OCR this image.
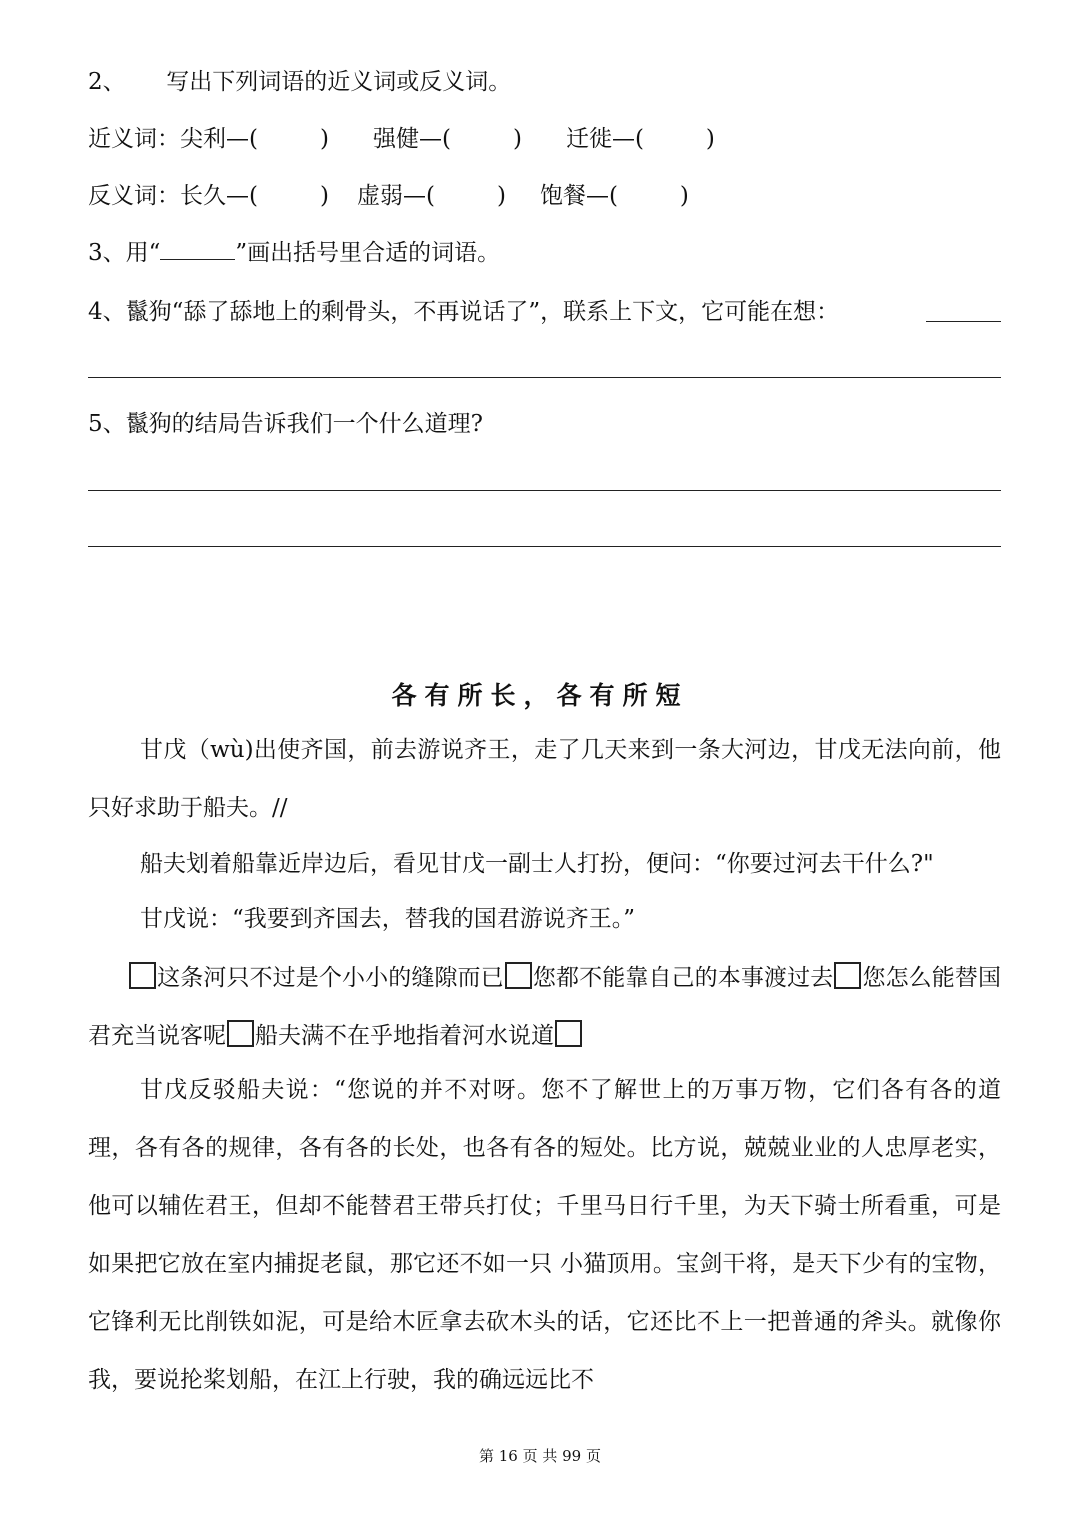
2、 写出下列词语的近义词或反义词。
近义词：尖利—(	) 强健—(	) 迁徙—(	)
反义词：长久—(	) 虚弱—(	) 饱餐—(	)
3、用“	”画出括号里合适的词语。
4、鬣狗“舔了舔地上的剩骨头，不再说话了”，联系上下文，它可能在想：
5、鬣狗的结局告诉我们一个什么道理?
各有所长，各有所短

甘戊（wù)出使齐国，前去游说齐王，走了几天来到一条大河边，甘戊无法向前，他只好求助于船夫。//

船夫划着船靠近岸边后，看见甘戊一副士人打扮，便问：“你要过河去干什么?"

甘戊说：“我要到齐国去，替我的国君游说齐王。”

这条河只不过是个小小的缝隙而已 您都不能靠自己的本事渡过去 您怎么能替国君充当说客呢 船夫满不在乎地指着河水说道

甘戊反驳船夫说：“您说的并不对呀。您不了解世上的万事万物，它们各有各的道理，各有各的规律，各有各的长处，也各有各的短处。比方说，兢兢业业的人忠厚老实，他可以辅佐君王，但却不能替君王带兵打仗；千里马日行千里，为天下骑士所看重，可是如果把它放在室内捕捉老鼠，那它还不如一只 小猫顶用。宝剑干将，是天下少有的宝物，它锋利无比削铁如泥，可是给木匠拿去砍木头的话，它还比不上一把普通的斧头。就像你我，要说抡桨划船，在江上行驶，我的确远远比不

第 16 页 共 99 页
